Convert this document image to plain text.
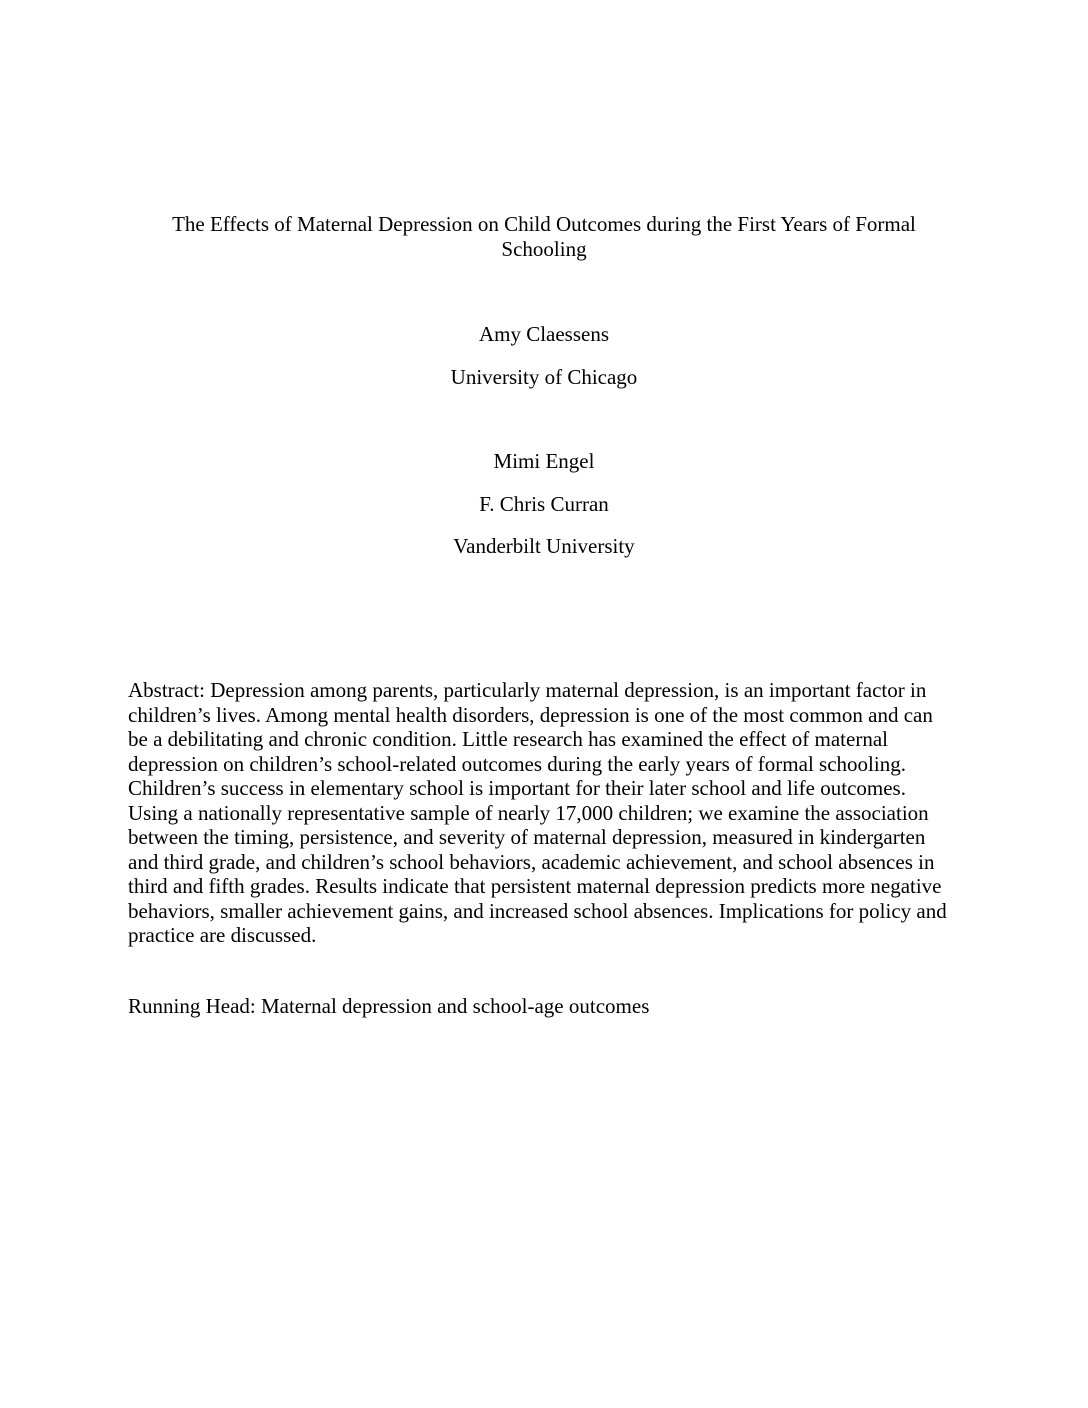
The Effects of Maternal Depression on Child Outcomes during the First Years of Formal
Schooling
Amy Claessens
University of Chicago
Mimi Engel
F. Chris Curran
Vanderbilt University
Abstract: Depression among parents, particularly maternal depression, is an important factor in
children’s lives. Among mental health disorders, depression is one of the most common and can
be a debilitating and chronic condition. Little research has examined the effect of maternal
depression on children’s school-related outcomes during the early years of formal schooling.
Children’s success in elementary school is important for their later school and life outcomes.
Using a nationally representative sample of nearly 17,000 children; we examine the association
between the timing, persistence, and severity of maternal depression, measured in kindergarten
and third grade, and children’s school behaviors, academic achievement, and school absences in
third and fifth grades. Results indicate that persistent maternal depression predicts more negative
behaviors, smaller achievement gains, and increased school absences. Implications for policy and
practice are discussed.
Running Head: Maternal depression and school-age outcomes
